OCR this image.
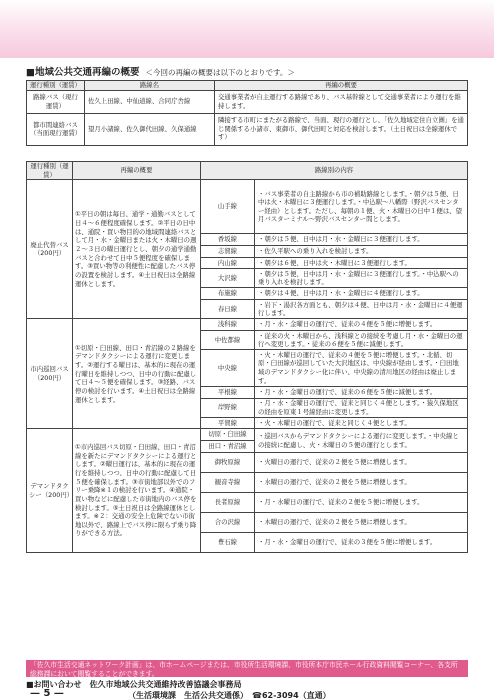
■地域公共交通再編の概要 ＜今回の再編の概要は以下のとおりです。＞
運行種別（運賃）	路線名	再編の概要
路線バス（現行運賃）	佐久上田線、中仙道線、合同庁舎線	交通事業者が自主運行する路線であり、バス基幹線として交通事業者により運行を維持します。
都市間連絡バス（当面現行運賃）	望月小諸線、佐久御代田線、久保通線	隣接する市町にまたがる路線で、当面、現行の運行とし、「佐久地域定住自立圏」を通じ関係する小諸市、東御市、御代田町と対応を検討します。（土日祝日は全線運休です）
運行種別（運賃）	再編の概要	路線別の内容	
廃止代替バス（200円）	①平日の朝は毎日、通学・通勤バスとして日４～６便程度確保します。②平日の日中は、通院・買い物目的の地域間連絡バスとして月・水・金曜日または火・木曜日の週２～３日の曜日運行とし、朝夕の通学通勤バスと合わせて日中５便程度を確保します。③買い物等の利便性に配慮したバス停の設置を検討します。④土日祝日は全路線運休とします。	山手線	・バス事業者の自主路線から市の補助路線とします。・朝夕は５便、日中は火・木曜日に３便運行します。・中込駅～八幡際（野沢バスセンター経由）とします。ただし、毎朝の１便、火・木曜日の日中１便は、望月バスターミナル～野沢バスセンター間とします。
		香坂線	・朝夕は５便、日中は月・水・金曜日に３便運行します。
		志賀線	・佐久平駅への乗り入れを検討します。
		内山線	・朝夕は６便、日中は火・木曜日に３便運行します。
		大沢線	・朝夕は５便、日中は月・水・金曜日に３便運行します。・中込駅への乗り入れを検討します。
		布施線	・朝夕は４便、日中は月・水・金曜日に４便運行します。
		春日線	・岩下・湯沢各方面とも、朝夕は４便、日中は月・水・金曜日に４便運行します。
市内巡回バス（200円）	①切原・臼田線、田口・青沼線の２路線をデマンドタクシーによる運行に変更します。②運行する曜日は、基本的に現在の運行曜日を維持しつつ、日中の行動に配慮して日４～５便を確保します。③経路、バス停の検討を行います。④土日祝日は全路線運休とします。	浅科線	・月・水・金曜日の運行で、従来の４便を５便に増便します。
		中佐都線	・従来の火・木曜日から、浅科線との接続を考慮し月・水・金曜日の運行へ変更します。・従来の６便を５便に減便します。
		中央線	・火・木曜日の運行で、従来の４便を５便に増便します。・北循、切原・臼田線が巡回していた大沢地区は、中央線が経由します。・臼田地域のデマンドタクシー化に伴い、中央線の清川地区の経由は廃止します。
		平根線	・月・水・金曜日の運行で、従来の６便を５便に減便します。
		岸野線	・月・水・金曜日の運行で、従来と同じく４便とします。・猿久保地区の経由を原東１号線経由に変更します。
		平賀線	・火・木曜日の運行で、従来と同じく４便とします。
デマンドタクシー（200円）	①市内巡回バス切原・臼田線、田口・青沼線を新たにデマンドタクシーによる運行とします。②曜日運行は、基本的に現在の運行を維持しつつ、日中の行動に配慮して日５便を確保します。③市街地部以外でのフリー乗降※１の検討を行います。④通院・買い物などに配慮した市街地内のバス停を検討します。⑤土日祝日は全路線運休とします。※２：交通の安全上危険でない市街地以外で、路線上でバス停に限らず乗り降りができる方法。	切原・臼田線	・巡回バスからデマンドタクシーによる運行に変更します。・中央線との接続に配慮し、火・木曜日の５便の運行とします。
		田口・青沼線	
		御牧原線	・火曜日の運行で、従来の２便を５便に増便します。
		観音寺線	・水曜日の運行で、従来の２便を５便に増便します。
		長者原線	・月・水曜日の運行で、従来の２便を５便に増便します。
		合の沢線	・木曜日の運行で、従来の２便を５便に増便します。
		豊石線	・月・水・金曜日の運行で、従来の３便を５便に増便します。
「佐久市生活交通ネットワーク計画」は、市ホームページまたは、市役所生活環境課、市役所本庁市民ホール行政資料閲覧コーナー、各支所総務課において閲覧することができます。
■お問い合わせ　 佐久市地域公共交通維持改善協議会事務局
（生活環境課　生活公共交通係）　 ☎62-3094（直通）
— 5 —
